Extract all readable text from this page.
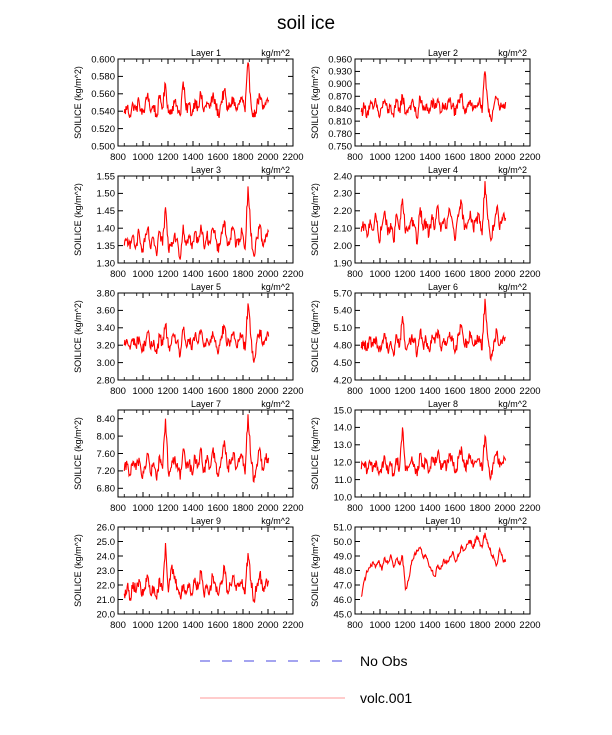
soil ice
800 1000 1200 1400 1600 1800 2000 2200
0.500
0.520
0.540
0.560
0.580
0.600
SOILICE (kg/m^2)
Layer 1	kg/m^2
800 1000 1200 1400 1600 1800 2000 2200
0.750
0.780
0.810
0.840
0.870
0.900
0.930
0.960
SOILICE (kg/m^2)
Layer 2	kg/m^2
800 1000 1200 1400 1600 1800 2000 2200
1.30
1.35
1.40
1.45
1.50
1.55
SOILICE (kg/m^2)
Layer 3	kg/m^2
800 1000 1200 1400 1600 1800 2000 2200
1.90
2.00
2.10
2.20
2.30
2.40
SOILICE (kg/m^2)
Layer 4	kg/m^2
800 1000 1200 1400 1600 1800 2000 2200
2.80
3.00
3.20
3.40
3.60
3.80
SOILICE (kg/m^2)
Layer 5	kg/m^2
800 1000 1200 1400 1600 1800 2000 2200
4.20
4.50
4.80
5.10
5.40
5.70
SOILICE (kg/m^2)
Layer 6	kg/m^2
800 1000 1200 1400 1600 1800 2000 2200
6.80
7.20
7.60
8.00
8.40
SOILICE (kg/m^2)
Layer 7	kg/m^2
800 1000 1200 1400 1600 1800 2000 2200
10.0
11.0
12.0
13.0
14.0
15.0
SOILICE (kg/m^2)
Layer 8	kg/m^2
800 1000 1200 1400 1600 1800 2000 2200
20.0
21.0
22.0
23.0
24.0
25.0
26.0
SOILICE (kg/m^2)
Layer 9	kg/m^2
800 1000 1200 1400 1600 1800 2000 2200
45.0
46.0
47.0
48.0
49.0
50.0
51.0
SOILICE (kg/m^2)
Layer 10	kg/m^2
No Obs
volc.001
